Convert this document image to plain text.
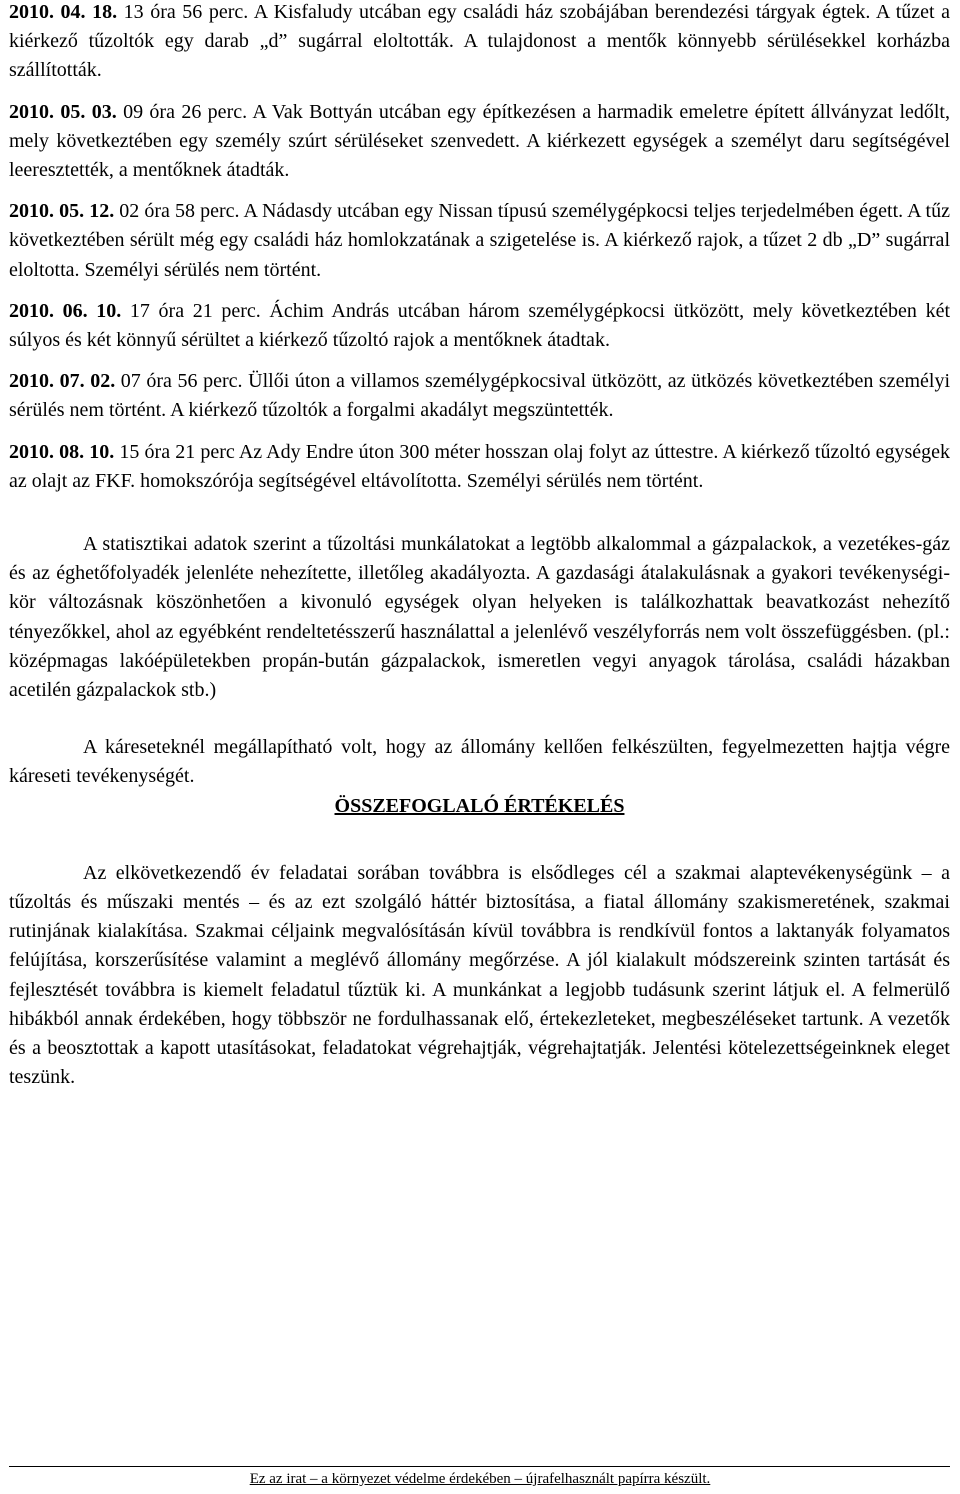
2010. 04. 18. 13 óra 56 perc. A Kisfaludy utcában egy családi ház szobájában berendezési tárgyak égtek. A tűzet a kiérkező tűzoltók egy darab „d” sugárral eloltották. A tulajdonost a mentők könnyebb sérülésekkel korházba szállították.

2010. 05. 03. 09 óra 26 perc. A Vak Bottyán utcában egy építkezésen a harmadik emeletre épített állványzat ledőlt, mely következtében egy személy szúrt sérüléseket szenvedett. A kiérkezett egységek a személyt daru segítségével leeresztették, a mentőknek átadták.

2010. 05. 12. 02 óra 58 perc. A Nádasdy utcában egy Nissan típusú személygépkocsi teljes terjedelmében égett. A tűz következtében sérült még egy családi ház homlokzatának a szigetelése is. A kiérkező rajok, a tűzet 2 db „D” sugárral eloltotta. Személyi sérülés nem történt.

2010. 06. 10. 17 óra 21 perc. Áchim András utcában három személygépkocsi ütközött, mely következtében két súlyos és két könnyű sérültet a kiérkező tűzoltó rajok a mentőknek átadtak.

2010. 07. 02. 07 óra 56 perc. Üllői úton a villamos személygépkocsival ütközött, az ütközés következtében személyi sérülés nem történt. A kiérkező tűzoltók a forgalmi akadályt megszüntették.

2010. 08. 10. 15 óra 21 perc Az Ady Endre úton 300 méter hosszan olaj folyt az úttestre. A kiérkező tűzoltó egységek az olajt az FKF. homokszórója segítségével eltávolította. Személyi sérülés nem történt.

A statisztikai adatok szerint a tűzoltási munkálatokat a legtöbb alkalommal a gázpalackok, a vezetékes-gáz és az éghetőfolyadék jelenléte nehezítette, illetőleg akadályozta. A gazdasági átalakulásnak a gyakori tevékenységi-kör változásnak köszönhetően a kivonuló egységek olyan helyeken is találkozhattak beavatkozást nehezítő tényezőkkel, ahol az egyébként rendeltetésszerű használattal a jelenlévő veszélyforrás nem volt összefüggésben. (pl.: középmagas lakóépületekben propán-bután gázpalackok, ismeretlen vegyi anyagok tárolása, családi házakban acetilén gázpalackok stb.)

A káreseteknél megállapítható volt, hogy az állomány kellően felkészülten, fegyelmezetten hajtja végre káreseti tevékenységét.

ÖSSZEFOGLALÓ ÉRTÉKELÉS

Az elkövetkezendő év feladatai sorában továbbra is elsődleges cél a szakmai alaptevékenységünk – a tűzoltás és műszaki mentés – és az ezt szolgáló háttér biztosítása, a fiatal állomány szakismeretének, szakmai rutinjának kialakítása. Szakmai céljaink megvalósításán kívül továbbra is rendkívül fontos a laktanyák folyamatos felújítása, korszerűsítése valamint a meglévő állomány megőrzése. A jól kialakult módszereink szinten tartását és fejlesztését továbbra is kiemelt feladatul tűztük ki. A munkánkat a legjobb tudásunk szerint látjuk el. A felmerülő hibákból annak érdekében, hogy többször ne fordulhassanak elő, értekezleteket, megbeszéléseket tartunk. A vezetők és a beosztottak a kapott utasításokat, feladatokat végrehajtják, végrehajtatják. Jelentési kötelezettségeinknek eleget teszünk.

Ez az irat – a környezet védelme érdekében – újrafelhasznált papírra készült.
